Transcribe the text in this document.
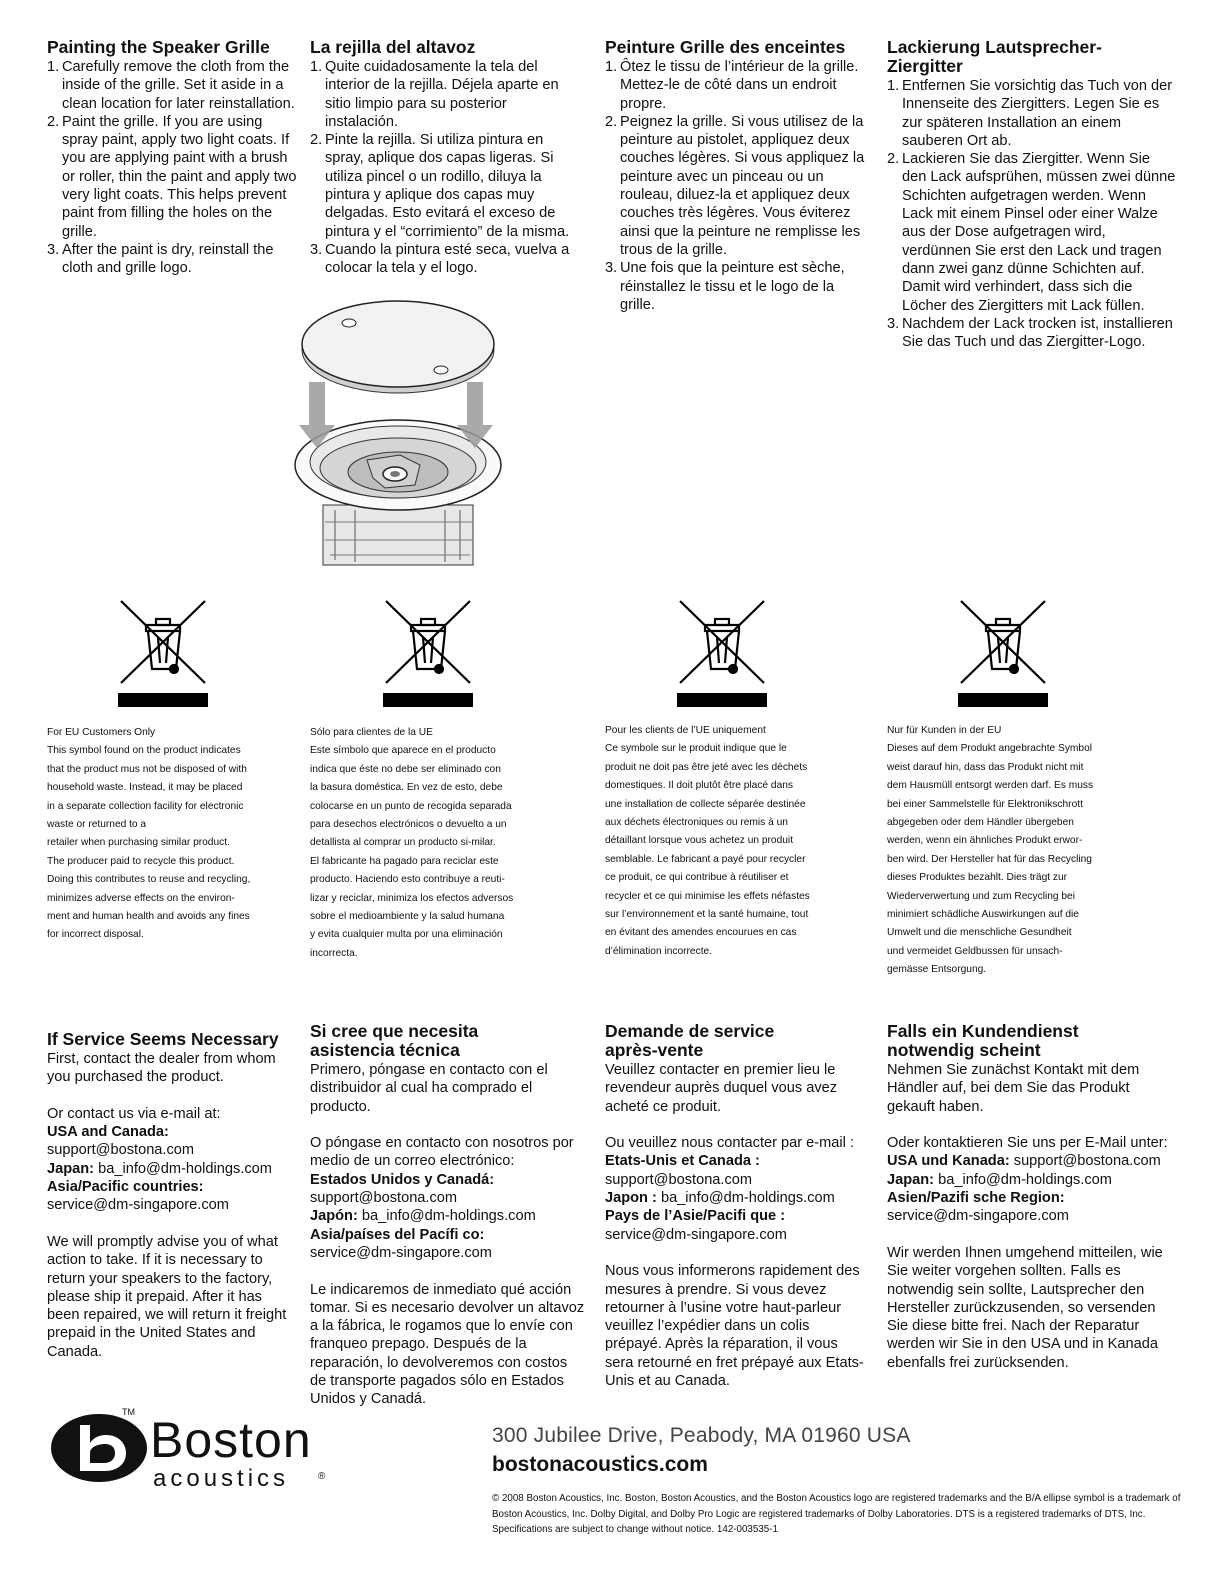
Painting the Speaker Grille
1. Carefully remove the cloth from the inside of the grille. Set it aside in a clean location for later reinstallation.
2. Paint the grille. If you are using spray paint, apply two light coats. If you are applying paint with a brush or roller, thin the paint and apply two very light coats. This helps prevent paint from filling the holes on the grille.
3. After the paint is dry, reinstall the cloth and grille logo.
La rejilla del altavoz
1. Quite cuidadosamente la tela del interior de la rejilla. Déjela aparte en sitio limpio para su posterior instalación.
2. Pinte la rejilla. Si utiliza pintura en spray, aplique dos capas ligeras. Si utiliza pincel o un rodillo, diluya la pintura y aplique dos capas muy delgadas. Esto evitará el exceso de pintura y el “corrimiento” de la misma.
3. Cuando la pintura esté seca, vuelva a colocar la tela y el logo.
Peinture Grille des enceintes
1. Ôtez le tissu de l’intérieur de la grille. Mettez-le de côté dans un endroit propre.
2. Peignez la grille. Si vous utilisez de la peinture au pistolet, appliquez deux couches légères. Si vous appliquez la peinture avec un pinceau ou un rouleau, diluez-la et appliquez deux couches très légères. Vous éviterez ainsi que la peinture ne remplisse les trous de la grille.
3. Une fois que la peinture est sèche, réinstallez le tissu et le logo de la grille.
Lackierung Lautsprecher-Ziergitter
1. Entfernen Sie vorsichtig das Tuch von der Innenseite des Ziergitters. Legen Sie es zur späteren Installation an einem sauberen Ort ab.
2. Lackieren Sie das Ziergitter. Wenn Sie den Lack aufsprühen, müssen zwei dünne Schichten aufgetragen werden. Wenn Lack mit einem Pinsel oder einer Walze aus der Dose aufgetragen wird, verdünnen Sie erst den Lack und tragen dann zwei ganz dünne Schichten auf. Damit wird verhindert, dass sich die Löcher des Ziergitters mit Lack füllen.
3. Nachdem der Lack trocken ist, installieren Sie das Tuch und das Ziergitter-Logo.

For EU Customers Only

This symbol found on the product indicates

that the product mus not be disposed of with

household waste. Instead, it may be placed

in a separate collection facility for electronic

waste or returned to a

retailer when purchasing similar product.

The producer paid to recycle this product.

Doing this contributes to reuse and recycling,

minimizes adverse effects on the environ-

ment and human health and avoids any fines

for incorrect disposal.

Sólo para clientes de la UE

Este símbolo que aparece en el producto

indica que éste no debe ser eliminado con

la basura doméstica. En vez de esto, debe

colocarse en un punto de recogida separada

para desechos electrónicos o devuelto a un

detallista al comprar un producto si-milar.

El fabricante ha pagado para reciclar este

producto. Haciendo esto contribuye a reuti-

lizar y reciclar, minimiza los efectos adversos

sobre el medioambiente y la salud humana

y evita cualquier multa por una eliminación

incorrecta.

Pour les clients de l’UE uniquement

Ce symbole sur le produit indique que le

produit ne doit pas être jeté avec les déchets

domestiques. Il doit plutôt être placé dans

une installation de collecte séparée destinée

aux déchets électroniques ou remis à un

détaillant lorsque vous achetez un produit

semblable. Le fabricant a payé pour recycler

ce produit, ce qui contribue à réutiliser et

recycler et ce qui minimise les effets néfastes

sur l’environnement et la santé humaine, tout

en évitant des amendes encourues en cas

d’élimination incorrecte.

Nur für Kunden in der EU

Dieses auf dem Produkt angebrachte Symbol

weist darauf hin, dass das Produkt nicht mit

dem Hausmüll entsorgt werden darf. Es muss

bei einer Sammelstelle für Elektronikschrott

abgegeben oder dem Händler übergeben

werden, wenn ein ähnliches Produkt erwor-

ben wird. Der Hersteller hat für das Recycling

dieses Produktes bezahlt. Dies trägt zur

Wiederverwertung und zum Recycling bei

minimiert schädliche Auswirkungen auf die

Umwelt und die menschliche Gesundheit

und vermeidet Geldbussen für unsach-

gemässe Entsorgung.

If Service Seems Necessary

First, contact the dealer from whom you purchased the product.

Or contact us via e-mail at:
USA and Canada:
support@bostona.com
Japan: ba_info@dm-holdings.com
Asia/Pacific countries:
service@dm-singapore.com

We will promptly advise you of what action to take. If it is necessary to return your speakers to the factory, please ship it prepaid. After it has been repaired, we will return it freight prepaid in the United States and Canada.

Si cree que necesita
asistencia técnica

Primero, póngase en contacto con el distribuidor al cual ha comprado el producto.

O póngase en contacto con nosotros por medio de un correo electrónico:
Estados Unidos y Canadá:
support@bostona.com
Japón: ba_info@dm-holdings.com
Asia/países del Pacífi co:
service@dm-singapore.com

Le indicaremos de inmediato qué acción tomar. Si es necesario devolver un altavoz a la fábrica, le rogamos que lo envíe con franqueo prepago. Después de la reparación, lo devolveremos con costos de transporte pagados sólo en Estados Unidos y Canadá.

Demande de service
après-vente

Veuillez contacter en premier lieu le revendeur auprès duquel vous avez acheté ce produit.

Ou veuillez nous contacter par e-mail :
Etats-Unis et Canada :
support@bostona.com
Japon : ba_info@dm-holdings.com
Pays de l’Asie/Pacifi que :
service@dm-singapore.com

Nous vous informerons rapidement des mesures à prendre. Si vous devez retourner à l’usine votre haut-parleur veuillez l’expédier dans un colis prépayé. Après la réparation, il vous sera retourné en fret prépayé aux Etats-Unis et au Canada.

Falls ein Kundendienst
notwendig scheint

Nehmen Sie zunächst Kontakt mit dem Händler auf, bei dem Sie das Produkt gekauft haben.

Oder kontaktieren Sie uns per E-Mail unter:
USA und Kanada: support@bostona.com
Japan: ba_info@dm-holdings.com
Asien/Pazifi sche Region:
service@dm-singapore.com

Wir werden Ihnen umgehend mitteilen, wie Sie weiter vorgehen sollten. Falls es notwendig sein sollte, Lautsprecher den Hersteller zurückzusenden, so versenden Sie diese bitte frei. Nach der Reparatur werden wir Sie in den USA und in Kanada ebenfalls frei zurücksenden.

TM Boston
acoustics	®
300 Jubilee Drive, Peabody, MA 01960 USA
bostonacoustics.com
© 2008 Boston Acoustics, Inc. Boston, Boston Acoustics, and the Boston Acoustics logo are registered trademarks and the B/A ellipse symbol is a trademark of Boston Acoustics, Inc. Dolby Digital, and Dolby Pro Logic are registered trademarks of Dolby Laboratories. DTS is a registered trademarks of DTS, Inc. Specifications are subject to change without notice. 142-003535-1
